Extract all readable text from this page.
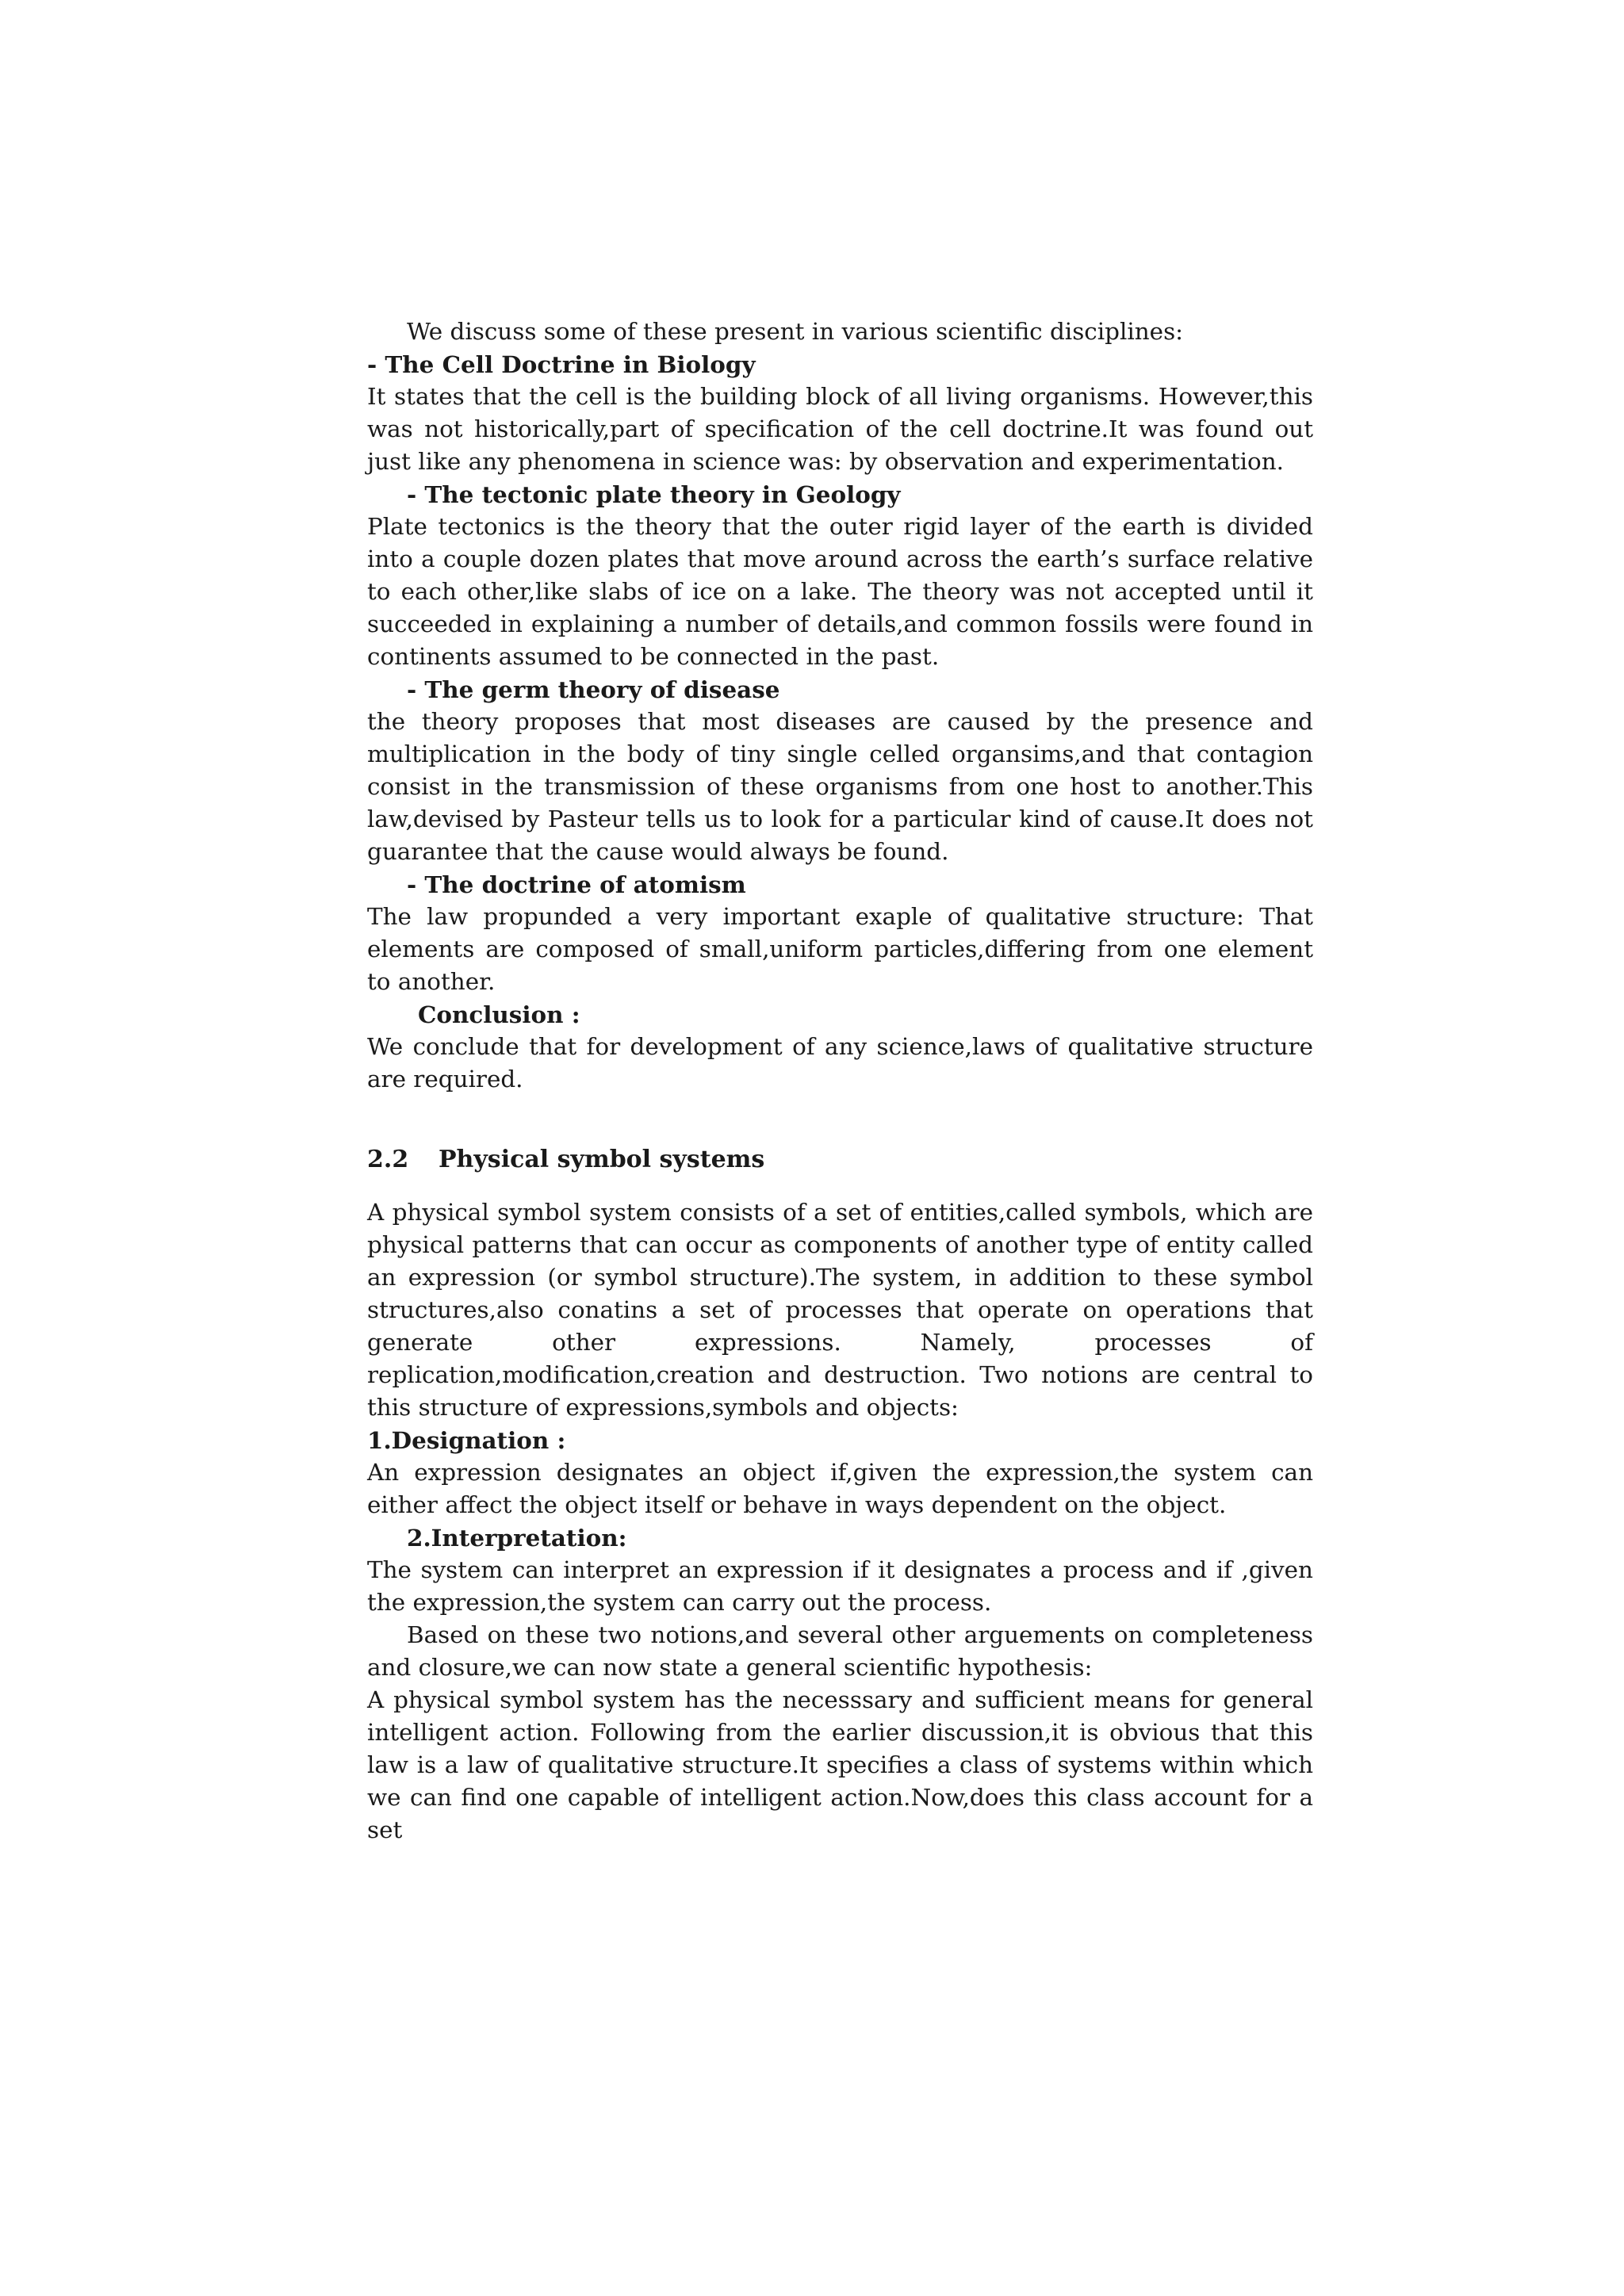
We discuss some of these present in various scientific disciplines:

- The Cell Doctrine in Biology

It states that the cell is the building block of all living organisms. However,this was not historically,part of specification of the cell doctrine.It was found out just like any phenomena in science was: by observation and experimentation.

- The tectonic plate theory in Geology

Plate tectonics is the theory that the outer rigid layer of the earth is divided into a couple dozen plates that move around across the earth’s surface relative to each other,like slabs of ice on a lake. The theory was not accepted until it succeeded in explaining a number of details,and common fossils were found in continents assumed to be connected in the past.

- The germ theory of disease

the theory proposes that most diseases are caused by the presence and multiplication in the body of tiny single celled organsims,and that contagion consist in the transmission of these organisms from one host to another.This law,devised by Pasteur tells us to look for a particular kind of cause.It does not guarantee that the cause would always be found.

- The doctrine of atomism

The law propunded a very important exaple of qualitative structure: That elements are composed of small,uniform particles,differing from one element to another.

Conclusion :

We conclude that for development of any science,laws of qualitative structure are required.

2.2 Physical symbol systems

A physical symbol system consists of a set of entities,called symbols, which are physical patterns that can occur as components of another type of entity called an expression (or symbol structure).The system, in addition to these symbol structures,also conatins a set of processes that operate on operations that generate other expressions. Namely, processes of replication,modification,creation and destruction. Two notions are central to this structure of expressions,symbols and objects:

1.Designation :

An expression designates an object if,given the expression,the system can either affect the object itself or behave in ways dependent on the object.

2.Interpretation:

The system can interpret an expression if it designates a process and if ,given the expression,the system can carry out the process.

Based on these two notions,and several other arguements on completeness and closure,we can now state a general scientific hypothesis:

A physical symbol system has the necesssary and sufficient means for general intelligent action. Following from the earlier discussion,it is obvious that this law is a law of qualitative structure.It specifies a class of systems within which we can find one capable of intelligent action.Now,does this class account for a set
